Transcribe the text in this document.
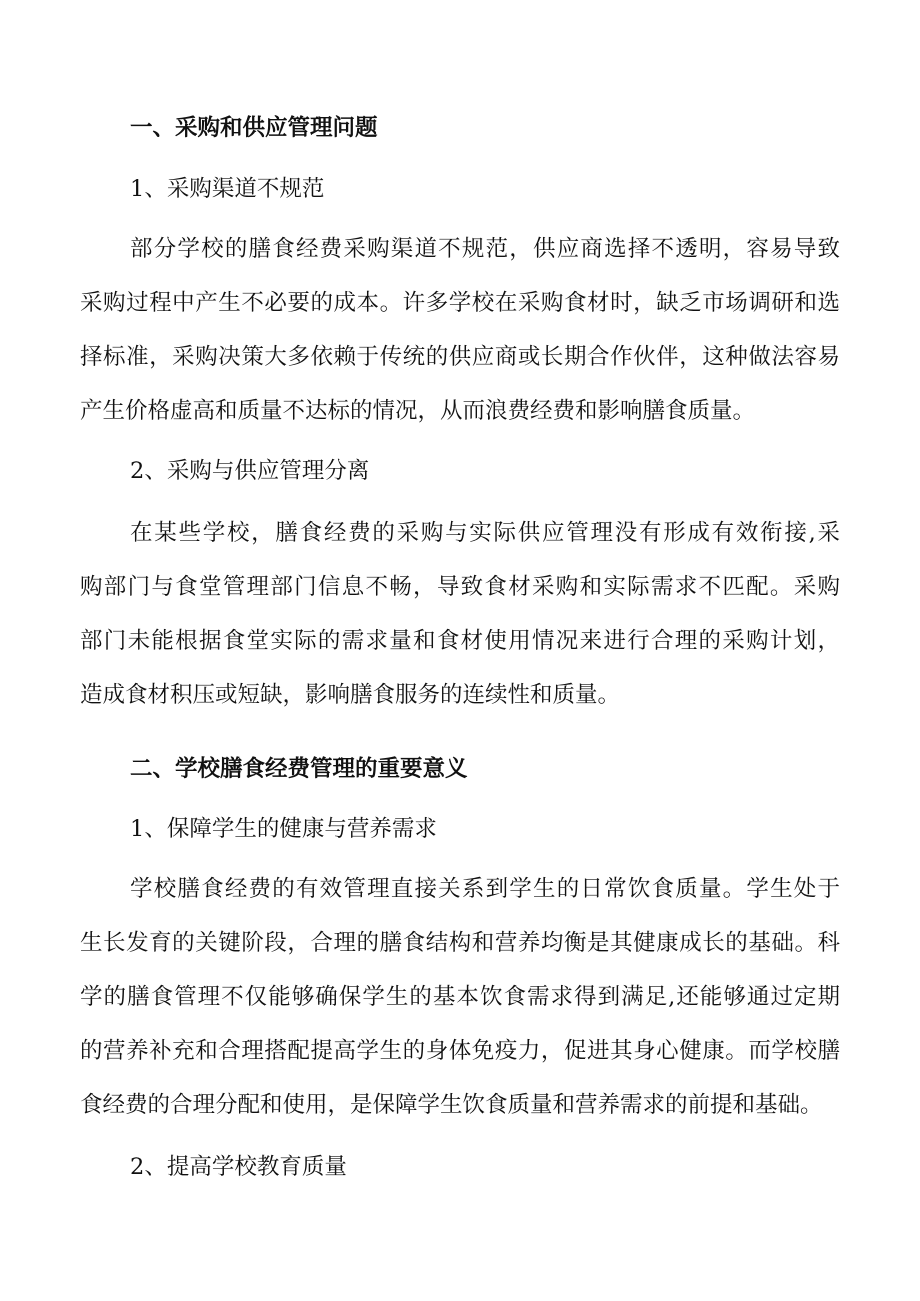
一、采购和供应管理问题
1、采购渠道不规范
部分学校的膳食经费采购渠道不规范，供应商选择不透明，容易导致
采购过程中产生不必要的成本。许多学校在采购食材时，缺乏市场调研和选
择标准，采购决策大多依赖于传统的供应商或长期合作伙伴，这种做法容易
产生价格虚高和质量不达标的情况，从而浪费经费和影响膳食质量。
2、采购与供应管理分离
在某些学校，膳食经费的采购与实际供应管理没有形成有效衔接,采
购部门与食堂管理部门信息不畅，导致食材采购和实际需求不匹配。采购
部门未能根据食堂实际的需求量和食材使用情况来进行合理的采购计划，
造成食材积压或短缺，影响膳食服务的连续性和质量。
二、学校膳食经费管理的重要意义
1、保障学生的健康与营养需求
学校膳食经费的有效管理直接关系到学生的日常饮食质量。学生处于
生长发育的关键阶段，合理的膳食结构和营养均衡是其健康成长的基础。科
学的膳食管理不仅能够确保学生的基本饮食需求得到满足,还能够通过定期
的营养补充和合理搭配提高学生的身体免疫力，促进其身心健康。而学校膳
食经费的合理分配和使用，是保障学生饮食质量和营养需求的前提和基础。
2、提高学校教育质量
